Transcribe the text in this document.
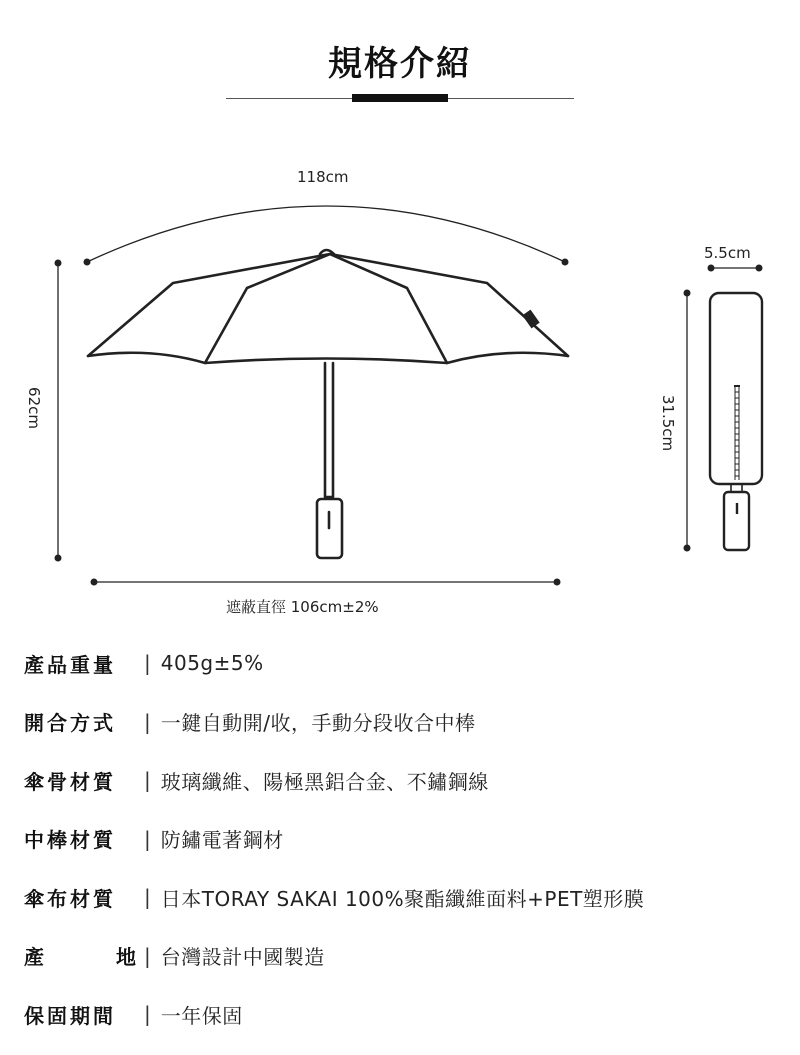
規格介紹
118cm
遮蔽直徑 106cm±2%
5.5cm
62cm	31.5cm
產品重量	| 405g±5%
開合方式	| 一鍵自動開/收，手動分段收合中棒
傘骨材質	| 玻璃纖維、陽極黑鋁合金、不鏽鋼線
中棒材質	| 防鏽電著鋼材
傘布材質	| 日本TORAY SAKAI 100%聚酯纖維面料+PET塑形膜
產	地 | 台灣設計中國製造
保固期間	| 一年保固
